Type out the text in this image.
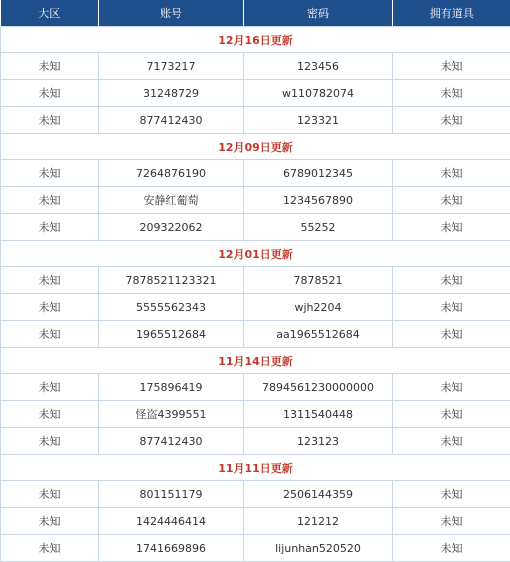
大区	账号	密码	拥有道具
12月16日更新			
未知	7173217	123456	未知
未知	31248729	w110782074	未知
未知	877412430	123321	未知
12月09日更新			
未知	7264876190	6789012345	未知
未知	安静红葡萄	1234567890	未知
未知	209322062	55252	未知
12月01日更新			
未知	7878521123321	7878521	未知
未知	5555562343	wjh2204	未知
未知	1965512684	aa1965512684	未知
11月14日更新			
未知	175896419	7894561230000000	未知
未知	怪盗4399551	1311540448	未知
未知	877412430	123123	未知
11月11日更新			
未知	801151179	2506144359	未知
未知	1424446414	121212	未知
未知	1741669896	lijunhan520520	未知
